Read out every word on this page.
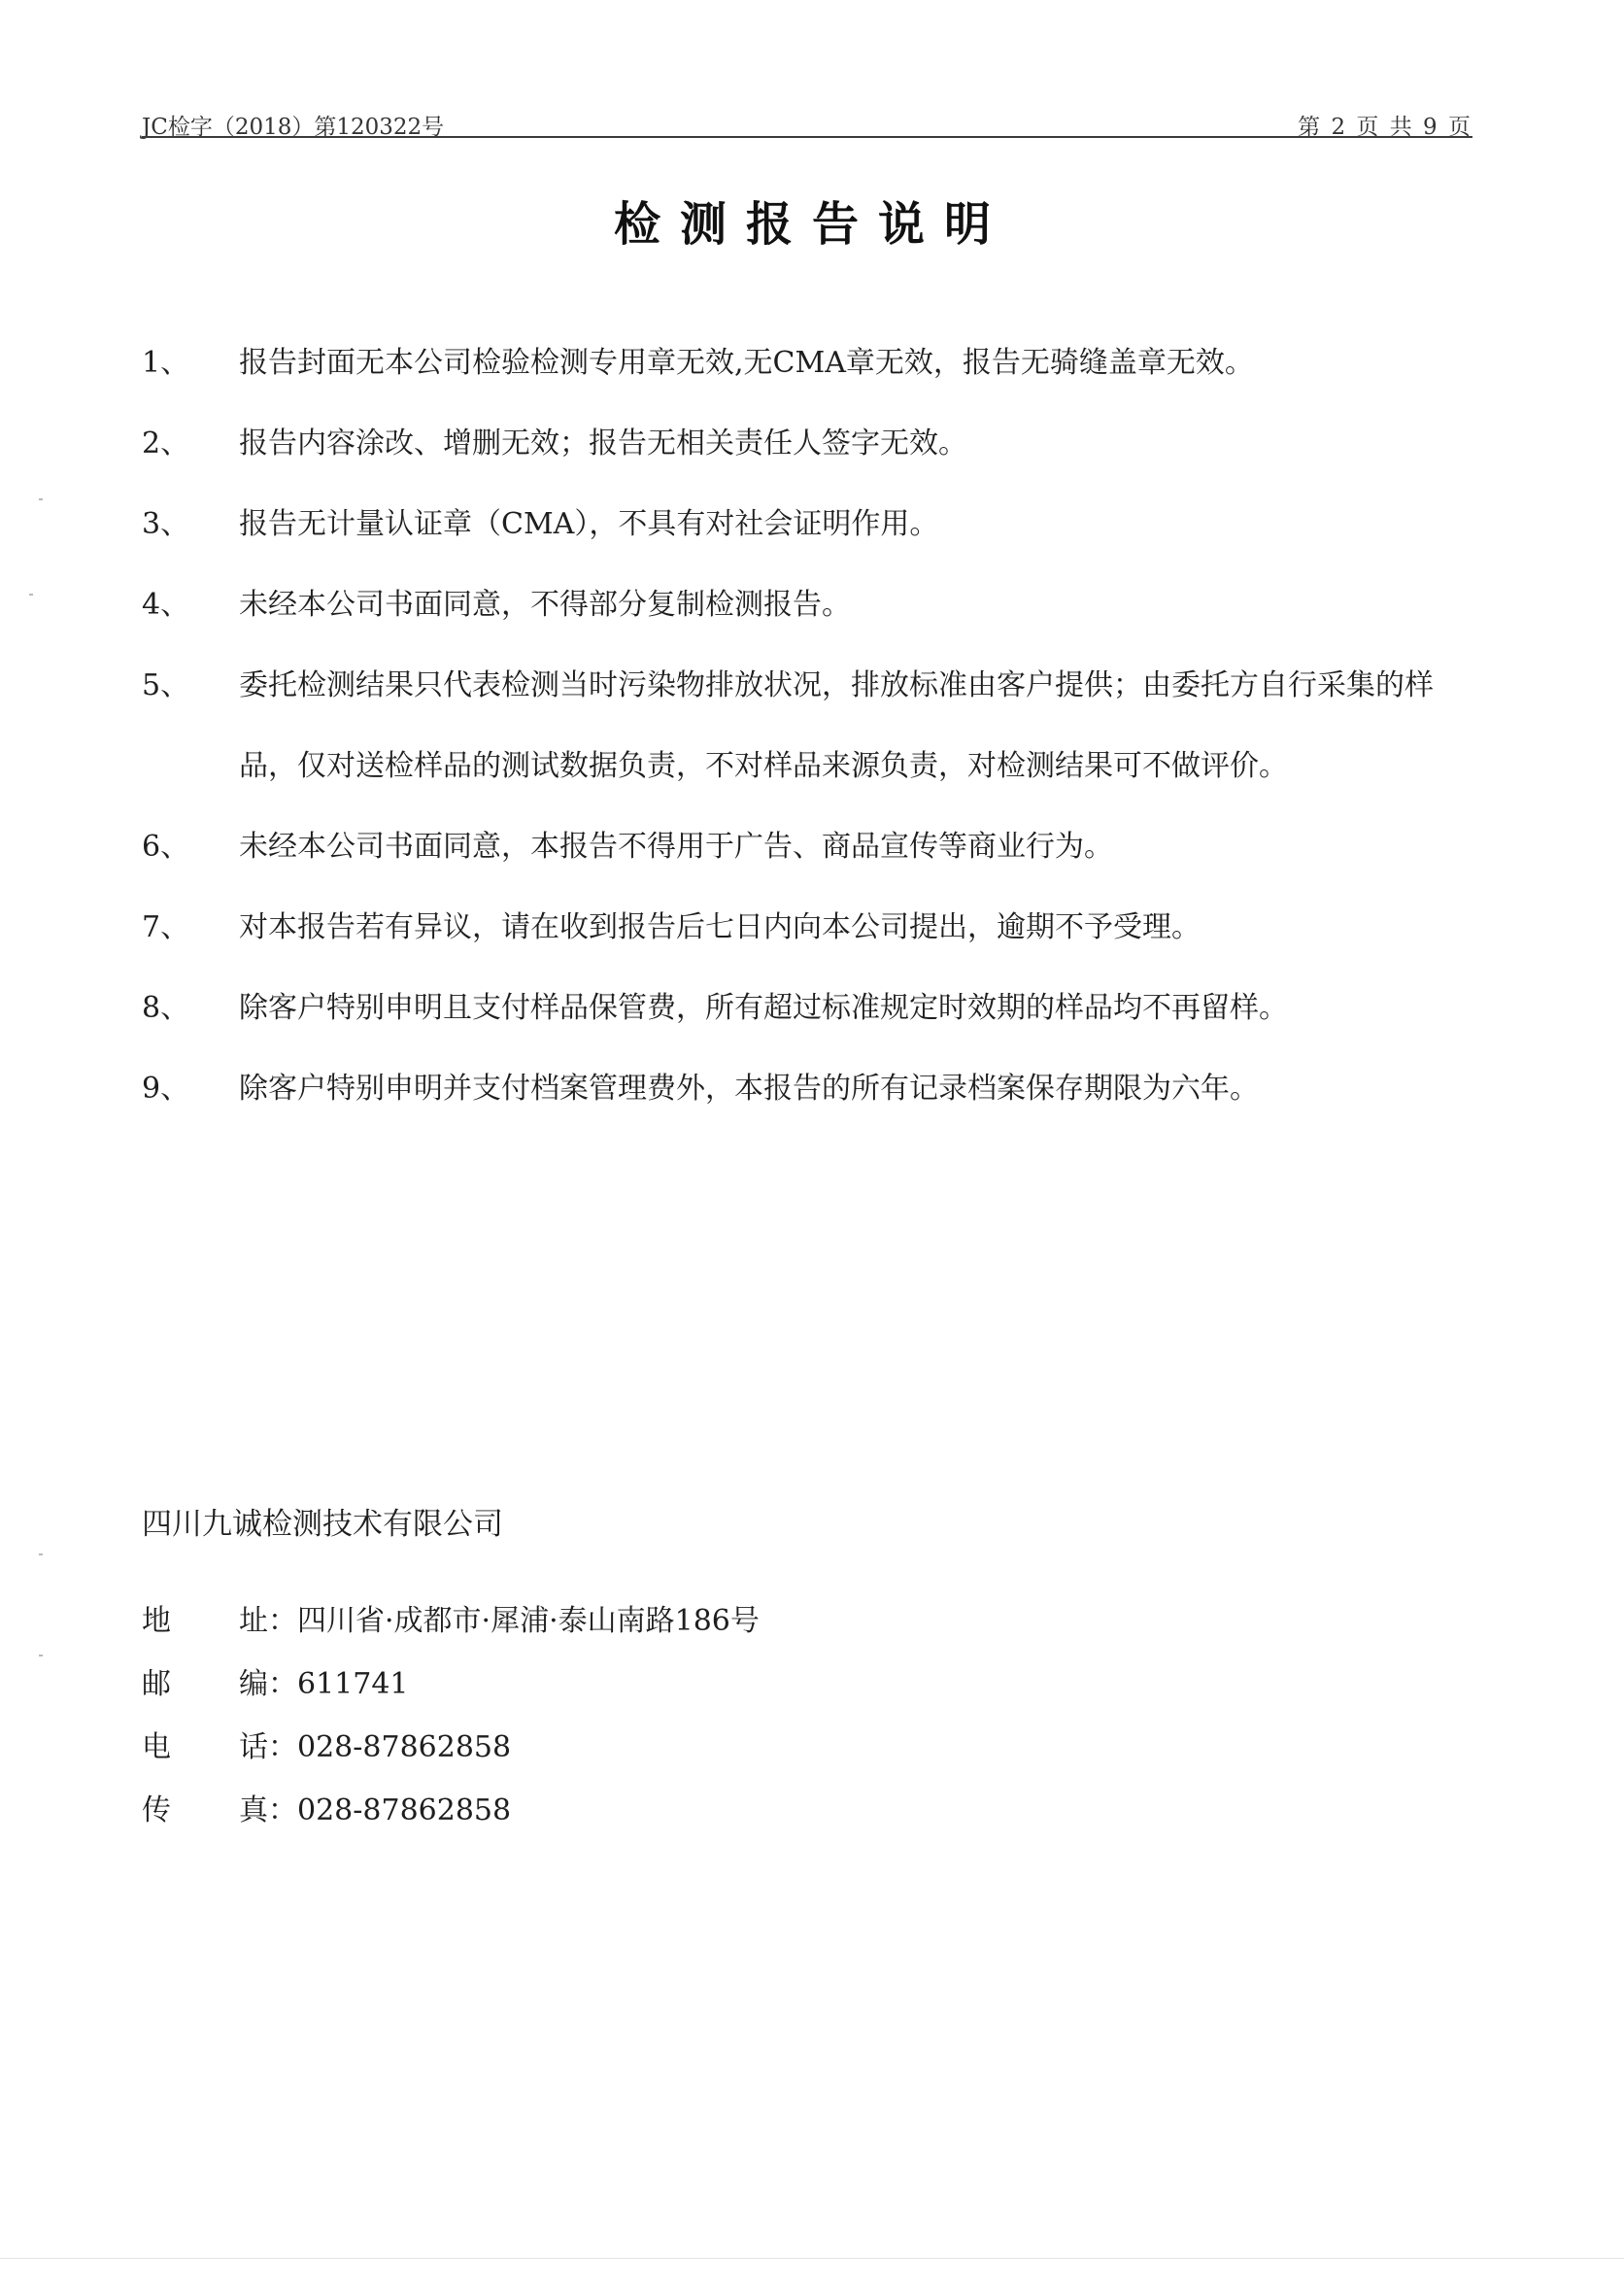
JC检字（2018）第120322号	第 2 页 共 9 页
检测报告说明
1、	报告封面无本公司检验检测专用章无效,无CMA章无效，报告无骑缝盖章无效。
2、	报告内容涂改、增删无效；报告无相关责任人签字无效。
3、	报告无计量认证章（CMA），不具有对社会证明作用。
4、	未经本公司书面同意，不得部分复制检测报告。
5、	委托检测结果只代表检测当时污染物排放状况，排放标准由客户提供；由委托方自行采集的样品，仅对送检样品的测试数据负责，不对样品来源负责，对检测结果可不做评价。
6、	未经本公司书面同意，本报告不得用于广告、商品宣传等商业行为。
7、	对本报告若有异议，请在收到报告后七日内向本公司提出，逾期不予受理。
8、	除客户特别申明且支付样品保管费，所有超过标准规定时效期的样品均不再留样。
9、	除客户特别申明并支付档案管理费外，本报告的所有记录档案保存期限为六年。
四川九诚检测技术有限公司
地 址：四川省·成都市·犀浦·泰山南路186号
邮 编：611741
电 话：028-87862858
传 真：028-87862858
